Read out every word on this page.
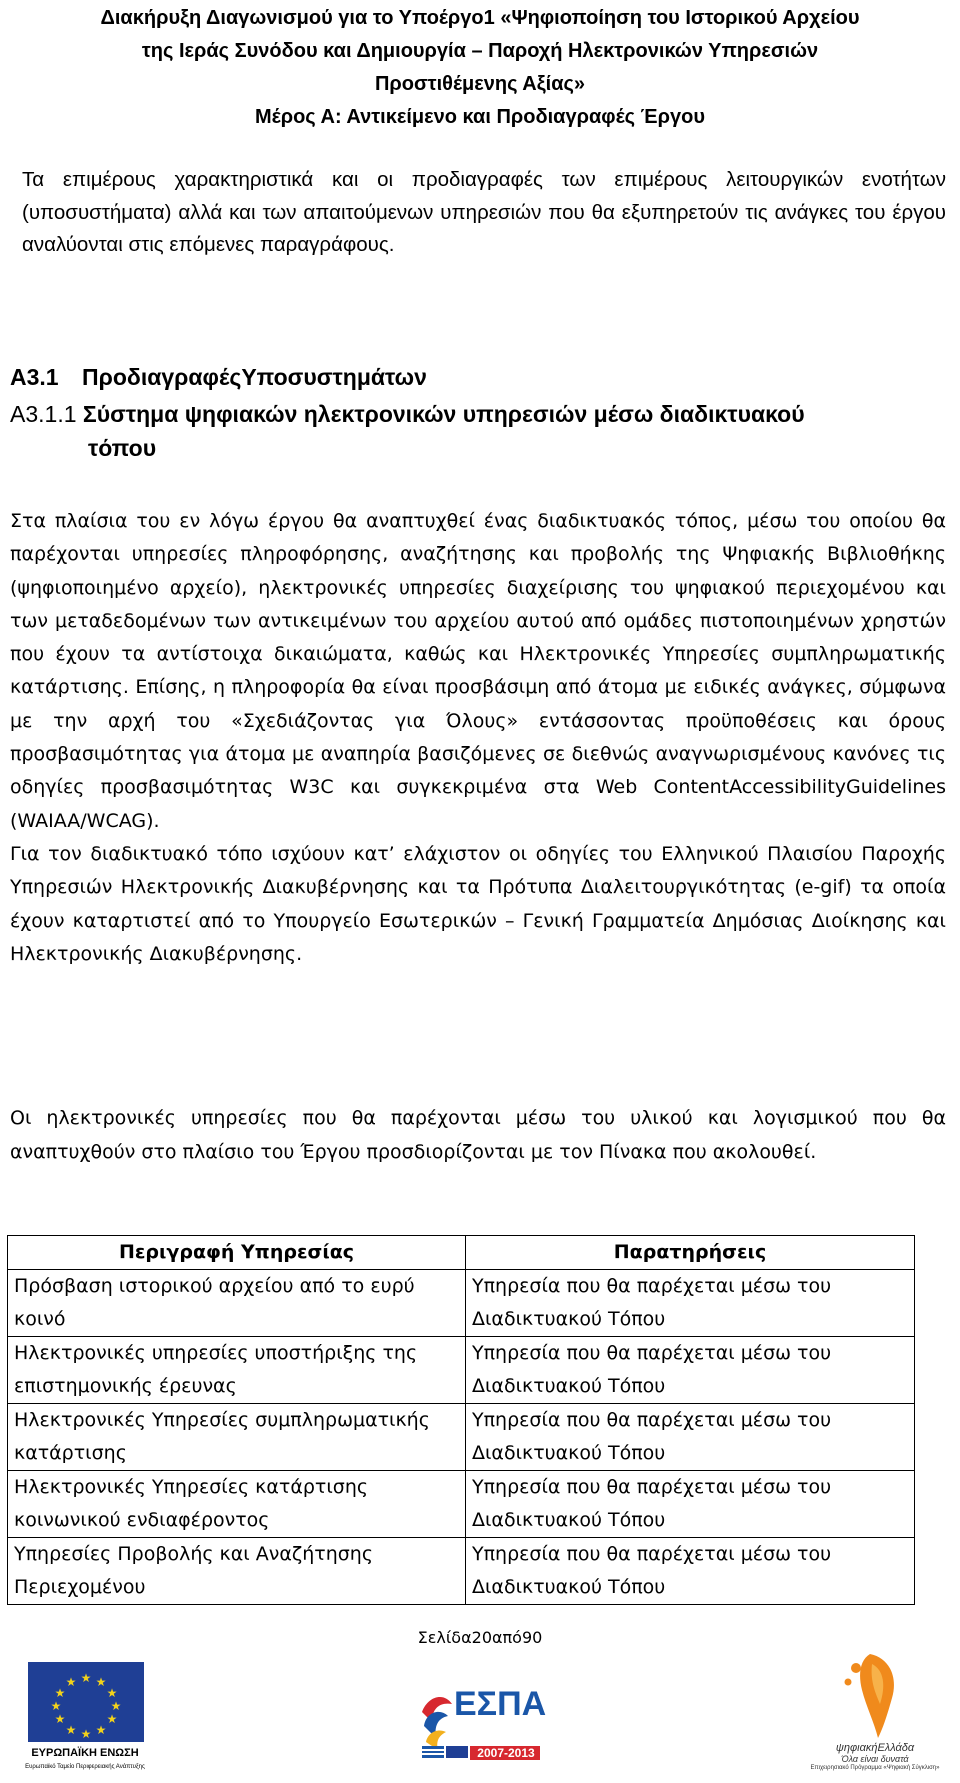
Διακήρυξη Διαγωνισμού για το Υποέργο1 «Ψηφιοποίηση του Ιστορικού Αρχείου
της Ιεράς Συνόδου και Δημιουργία – Παροχή Ηλεκτρονικών Υπηρεσιών
Προστιθέμενης Αξίας»
Μέρος Α: Αντικείμενο και Προδιαγραφές Έργου
Τα επιμέρους χαρακτηριστικά και οι προδιαγραφές των επιμέρους λειτουργικών ενοτήτων (υποσυστήματα) αλλά και των απαιτούμενων υπηρεσιών που θα εξυπηρετούν τις ανάγκες του έργου αναλύονται στις επόμενες παραγράφους.
Α3.1 ΠροδιαγραφέςΥποσυστημάτων
Α3.1.1 Σύστημα ψηφιακών ηλεκτρονικών υπηρεσιών μέσω διαδικτυακού
τόπου

Στα πλαίσια του εν λόγω έργου θα αναπτυχθεί ένας διαδικτυακός τόπος, μέσω του οποίου θα παρέχονται υπηρεσίες πληροφόρησης, αναζήτησης και προβολής της Ψηφιακής Βιβλιοθήκης (ψηφιοποιημένο αρχείο), ηλεκτρονικές υπηρεσίες διαχείρισης του ψηφιακού περιεχομένου και των μεταδεδομένων των αντικειμένων του αρχείου αυτού από ομάδες πιστοποιημένων χρηστών που έχουν τα αντίστοιχα δικαιώματα, καθώς και Ηλεκτρονικές Υπηρεσίες συμπληρωματικής κατάρτισης. Επίσης, η πληροφορία θα είναι προσβάσιμη από άτομα με ειδικές ανάγκες, σύμφωνα με την αρχή του «Σχεδιάζοντας για Όλους» εντάσσοντας προϋποθέσεις και όρους προσβασιμότητας για άτομα με αναπηρία βασιζόμενες σε διεθνώς αναγνωρισμένους κανόνες τις οδηγίες προσβασιμότητας W3C και συγκεκριμένα στα Web ContentAccessibilityGuidelines (WAIAA/WCAG).

Για τον διαδικτυακό τόπο ισχύουν κατ’ ελάχιστον οι οδηγίες του Ελληνικού Πλαισίου Παροχής Υπηρεσιών Ηλεκτρονικής Διακυβέρνησης και τα Πρότυπα Διαλειτουργικότητας (e-gif) τα οποία έχουν καταρτιστεί από το Υπουργείο Εσωτερικών – Γενική Γραμματεία Δημόσιας Διοίκησης και Ηλεκτρονικής Διακυβέρνησης.

Οι ηλεκτρονικές υπηρεσίες που θα παρέχονται μέσω του υλικού και λογισμικού που θα αναπτυχθούν στο πλαίσιο του Έργου προσδιορίζονται με τον Πίνακα που ακολουθεί.
Περιγραφή Υπηρεσίας	Παρατηρήσεις
Πρόσβαση ιστορικού αρχείου από το ευρύ κοινό	Υπηρεσία που θα παρέχεται μέσω του Διαδικτυακού Τόπου
Ηλεκτρονικές υπηρεσίες υποστήριξης της επιστημονικής έρευνας	Υπηρεσία που θα παρέχεται μέσω του Διαδικτυακού Τόπου
Ηλεκτρονικές Υπηρεσίες συμπληρωματικής κατάρτισης	Υπηρεσία που θα παρέχεται μέσω του Διαδικτυακού Τόπου
Ηλεκτρονικές Υπηρεσίες κατάρτισης κοινωνικού ενδιαφέροντος	Υπηρεσία που θα παρέχεται μέσω του Διαδικτυακού Τόπου
Υπηρεσίες Προβολής και Αναζήτησης Περιεχομένου	Υπηρεσία που θα παρέχεται μέσω του Διαδικτυακού Τόπου
Σελίδα20από90
★ ★
★
★
★
★
★
★
★
★
★
★
ΕΥΡΩΠΑΪΚΗ ΕΝΩΣΗ
Ευρωπαϊκό Ταμείο Περιφερειακής Ανάπτυξης
ΕΣΠΑ
2007-2013	ψηφιακήΕλλάδα
Όλα είναι δυνατά
Επιχειρησιακό Πρόγραμμα «Ψηφιακή Σύγκλιση»
